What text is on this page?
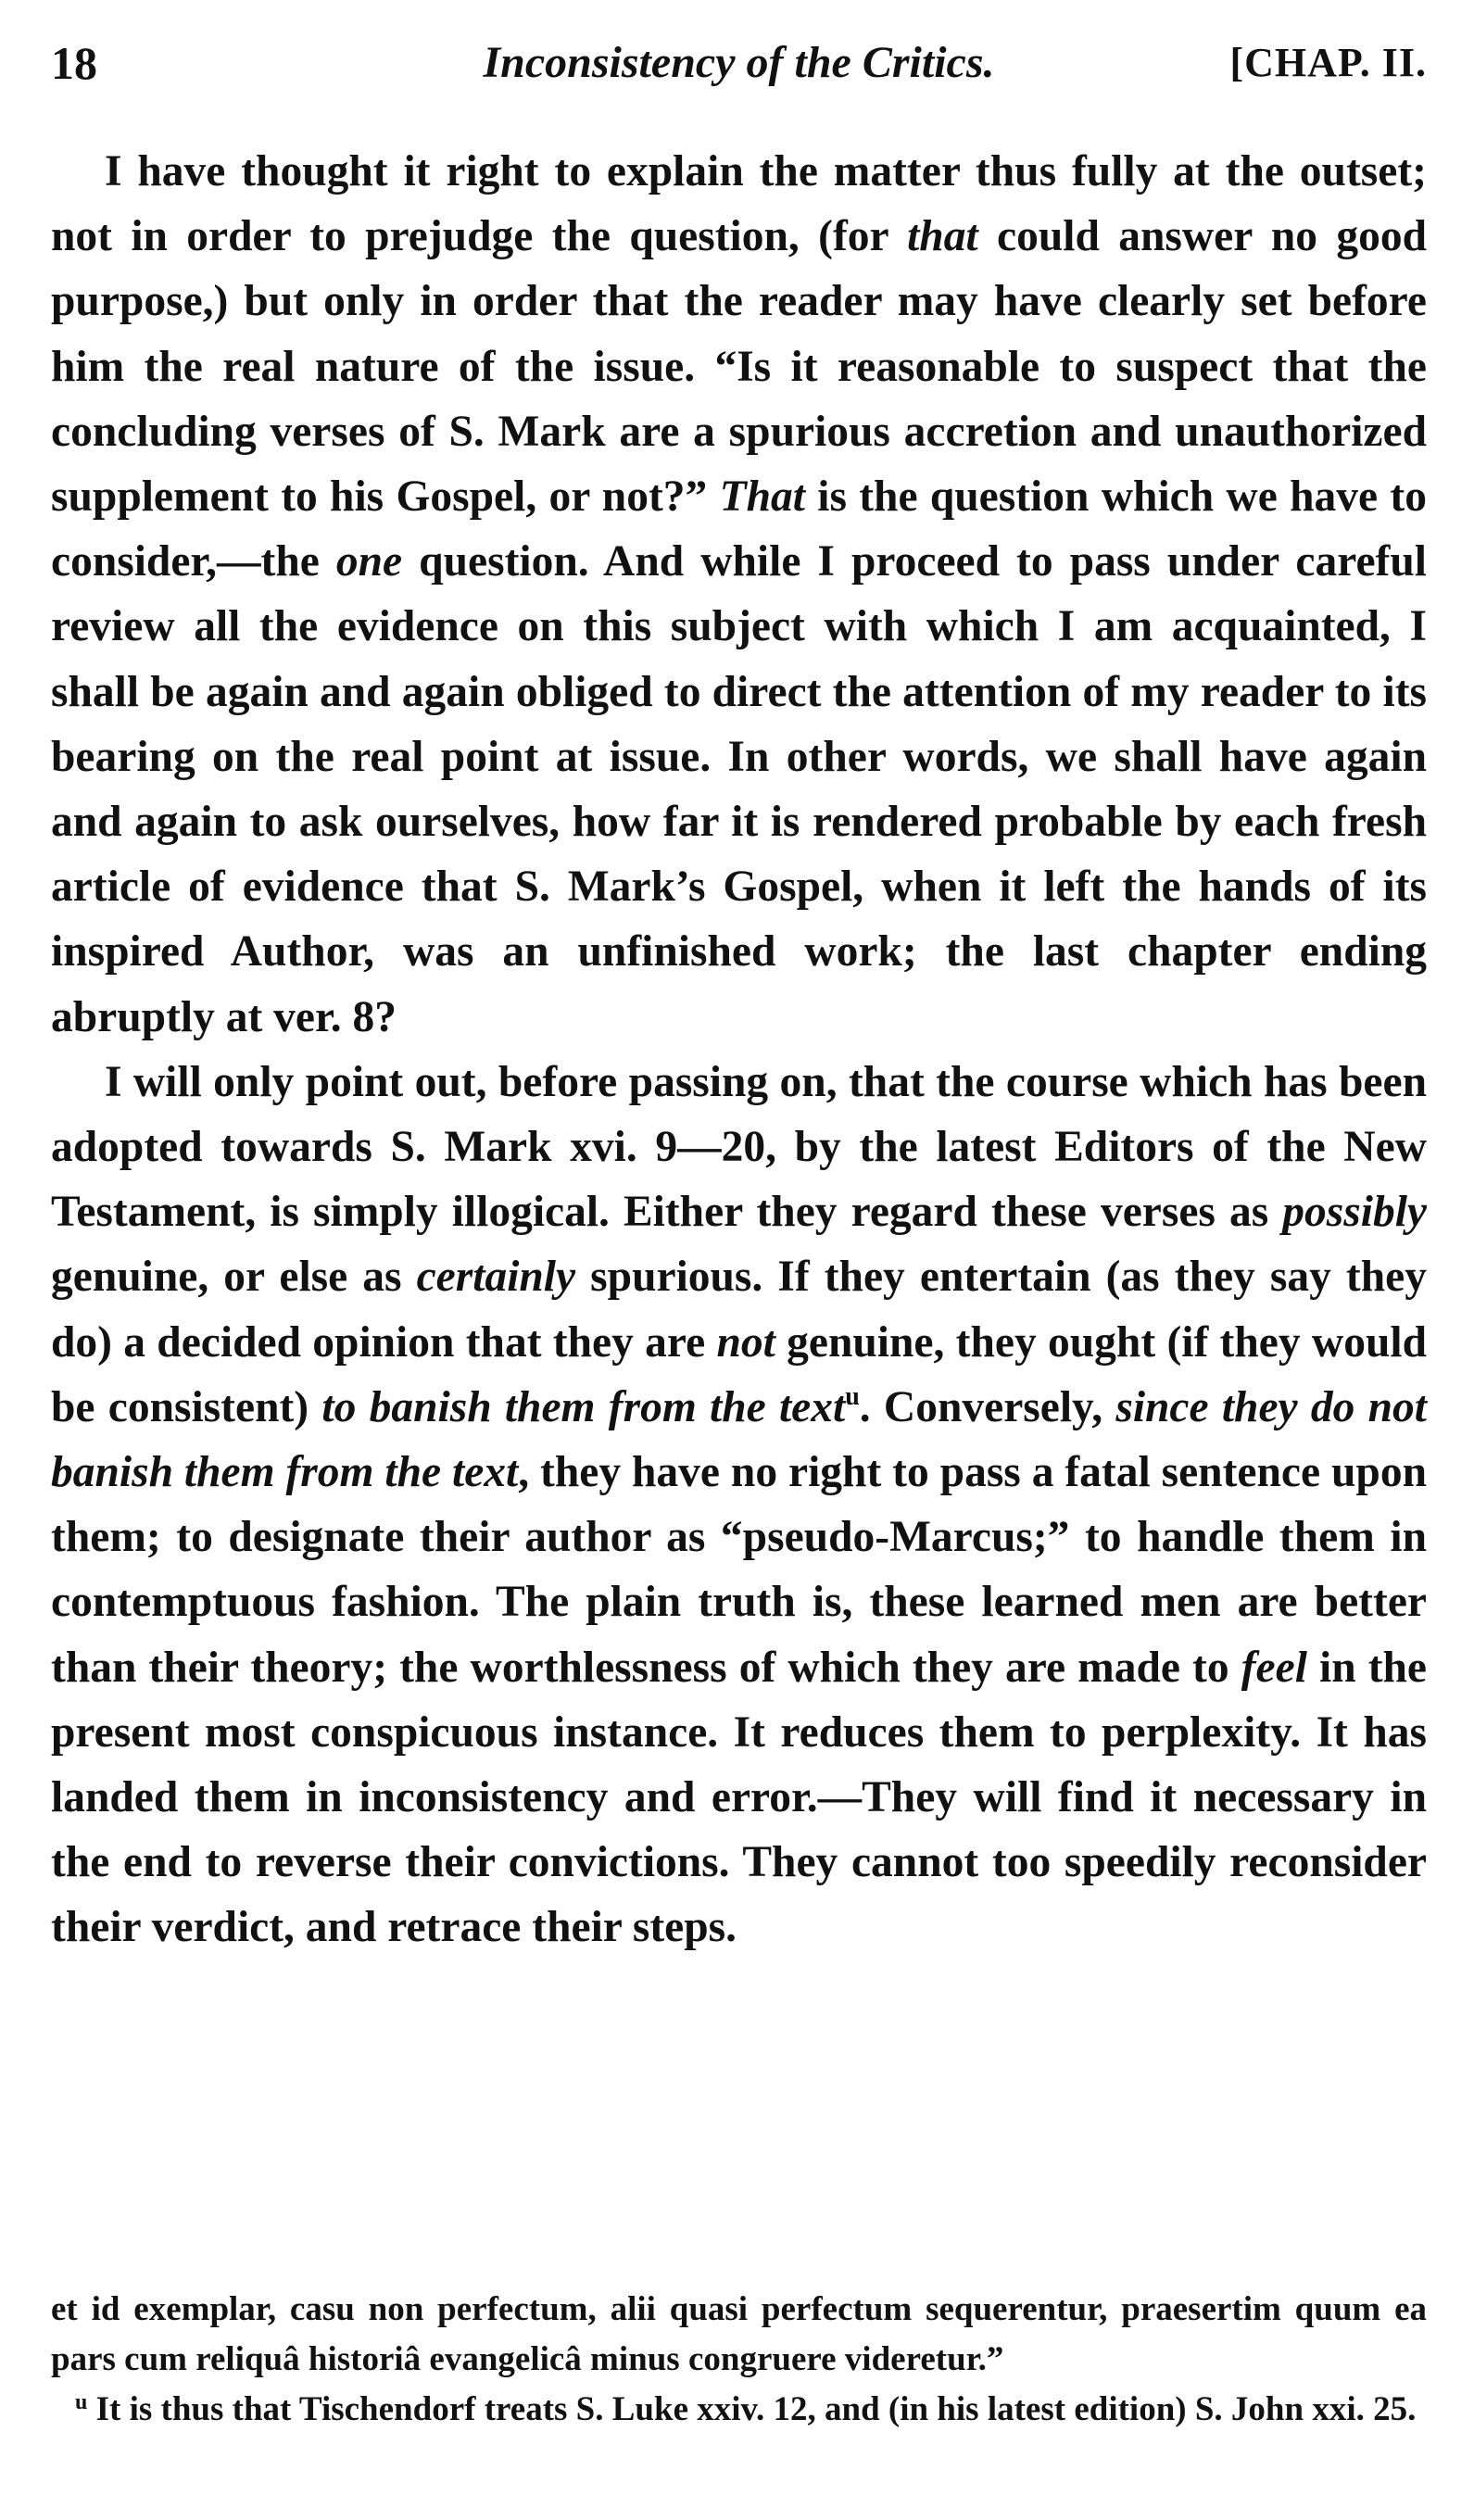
18	Inconsistency of the Critics.	[CHAP. II.

I have thought it right to explain the matter thus fully at the outset; not in order to prejudge the question, (for that could answer no good purpose,) but only in order that the reader may have clearly set before him the real nature of the issue. “Is it reasonable to suspect that the concluding verses of S. Mark are a spurious accretion and unauthorized supplement to his Gospel, or not?” That is the question which we have to consider,—the one question. And while I proceed to pass under careful review all the evidence on this subject with which I am acquainted, I shall be again and again obliged to direct the attention of my reader to its bearing on the real point at issue. In other words, we shall have again and again to ask ourselves, how far it is rendered probable by each fresh article of evidence that S. Mark’s Gospel, when it left the hands of its inspired Author, was an unfinished work; the last chapter ending abruptly at ver. 8?

I will only point out, before passing on, that the course which has been adopted towards S. Mark xvi. 9—20, by the latest Editors of the New Testament, is simply illogical. Either they regard these verses as possibly genuine, or else as certainly spurious. If they entertain (as they say they do) a decided opinion that they are not genuine, they ought (if they would be consistent) to banish them from the text$^u$. Conversely, since they do not banish them from the text, they have no right to pass a fatal sentence upon them; to designate their author as “pseudo-Marcus;” to handle them in contemptuous fashion. The plain truth is, these learned men are better than their theory; the worthlessness of which they are made to feel in the present most conspicuous instance. It reduces them to perplexity. It has landed them in inconsistency and error.—They will find it necessary in the end to reverse their convictions. They cannot too speedily reconsider their verdict, and retrace their steps.

et id exemplar, casu non perfectum, alii quasi perfectum sequerentur, praesertim quum ea pars cum reliquâ historiâ evangelicâ minus congruere videretur.”

$^u$ It is thus that Tischendorf treats S. Luke xxiv. 12, and (in his latest edition) S. John xxi. 25.
